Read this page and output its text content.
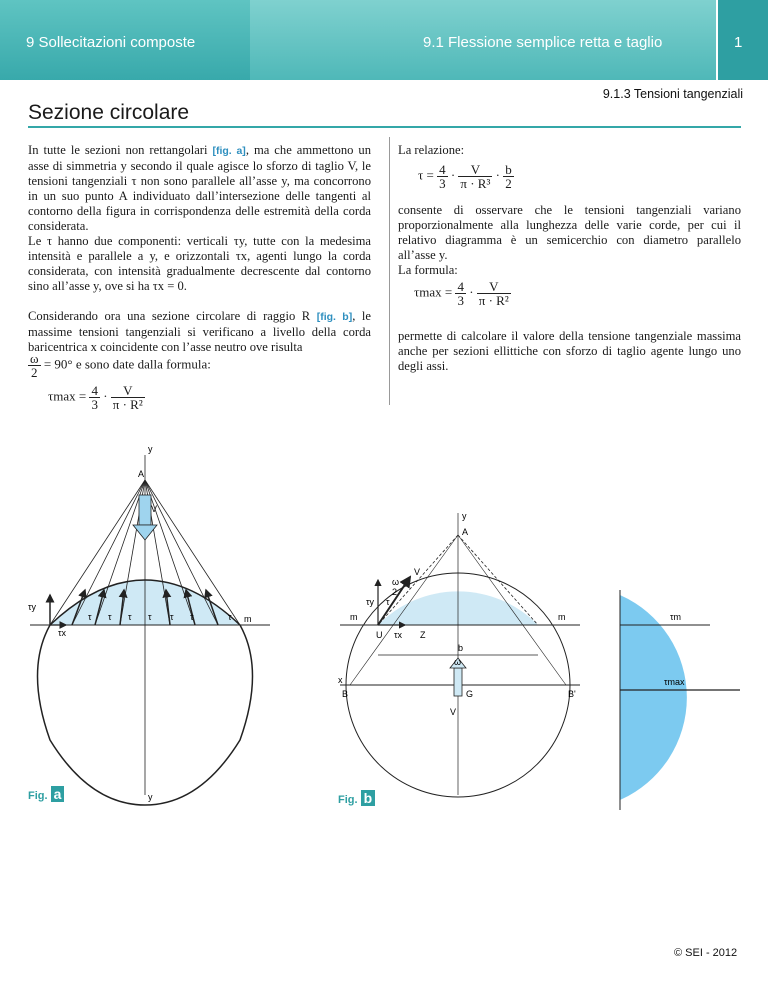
9 Sollecitazioni composte	9.1 Flessione semplice retta e taglio	1
9.1.3 Tensioni tangenziali
Sezione circolare

In tutte le sezioni non rettangolari [fig. a], ma che ammettono un asse di simmetria y secondo il quale agisce lo sforzo di taglio V, le tensioni tangenziali τ non sono parallele all’asse y, ma concorrono in un suo punto A individuato dall’intersezione delle tangenti al contorno della figura in corrispondenza delle estremità della corda considerata.

Le τ hanno due componenti: verticali τy, tutte con la medesima intensità e parallele a y, e orizzontali τx, agenti lungo la corda considerata, con intensità gradualmente decrescente dal contorno sino all’asse y, ove si ha τx = 0.

Considerando ora una sezione circolare di raggio R [fig. b], le massime tensioni tangenziali si verificano a livello della corda baricentrica x coincidente con l’asse neutro ove risulta

$\frac{\omega}{2} = 90^\circ$ e sono date dalla formula:
$\tau\max = \frac{4}{3} \cdot \frac{V}{\text{π · R²}}$

La relazione:

$\tau = \frac{4}{3} \cdot \frac{V}{\text{π · R³}} \cdot \frac{b}{2}$

consente di osservare che le tensioni tangenziali variano proporzionalmente alla lunghezza delle varie corde, per cui il relativo diagramma è un semicerchio con diametro parallelo all’asse y.

La formula:

$\tau\max = \frac{4}{3} \cdot \frac{V}{\text{π · R²}}$

permette di calcolare il valore della tensione tangenziale massima anche per sezioni ellittiche con sforzo di taglio agente lungo uno degli assi.

y
A
V
τy
τx
τ τ τ τ τ τ	τ m
y
Fig. a
y
A
V
τy τ
ω
2
m	m
U τx Z
b
ω
x
B	G	B'
V
Fig. b
τm
τmax
© SEI - 2012
